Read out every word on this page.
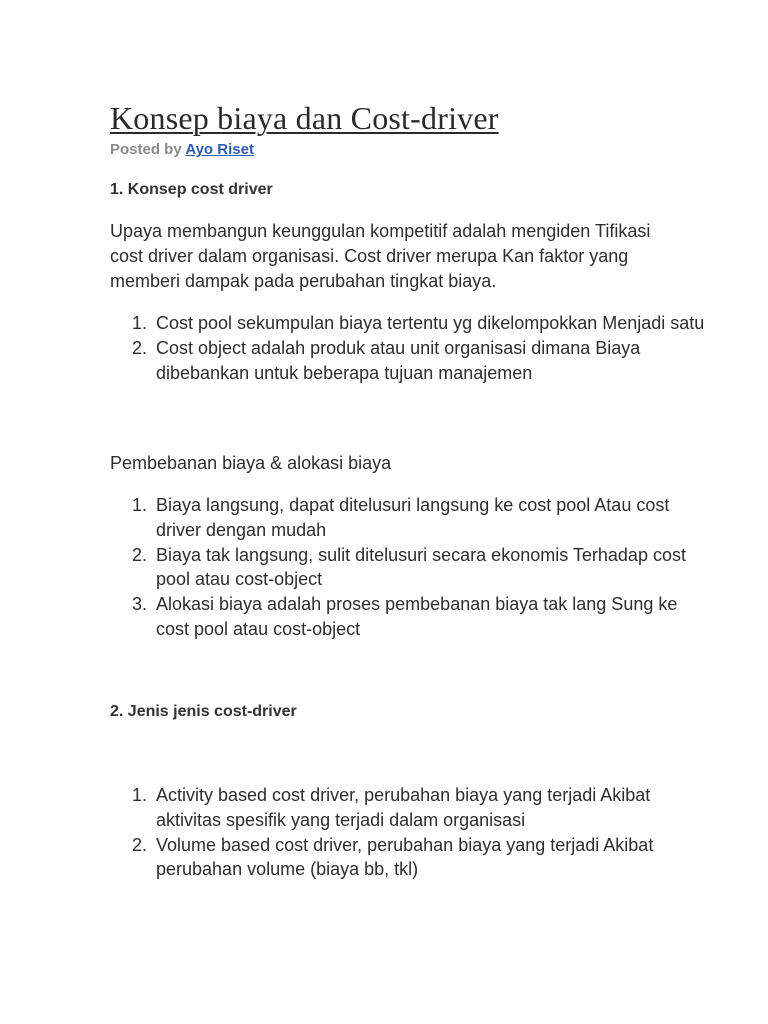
Konsep biaya dan Cost-driver
Posted by Ayo Riset
1. Konsep cost driver

Upaya membangun keunggulan kompetitif adalah mengiden Tifikasi cost driver dalam organisasi. Cost driver merupa Kan faktor yang memberi dampak pada perubahan tingkat biaya.

1. Cost pool sekumpulan biaya tertentu yg dikelompokkan Menjadi satu
2. Cost object adalah produk atau unit organisasi dimana Biaya dibebankan untuk beberapa tujuan manajemen

Pembebanan biaya & alokasi biaya

1. Biaya langsung, dapat ditelusuri langsung ke cost pool Atau cost driver dengan mudah
2. Biaya tak langsung, sulit ditelusuri secara ekonomis Terhadap cost pool atau cost-object
3. Alokasi biaya adalah proses pembebanan biaya tak lang Sung ke cost pool atau cost-object
2. Jenis jenis cost-driver
1. Activity based cost driver, perubahan biaya yang terjadi Akibat aktivitas spesifik yang terjadi dalam organisasi
2. Volume based cost driver, perubahan biaya yang terjadi Akibat perubahan volume (biaya bb, tkl)
